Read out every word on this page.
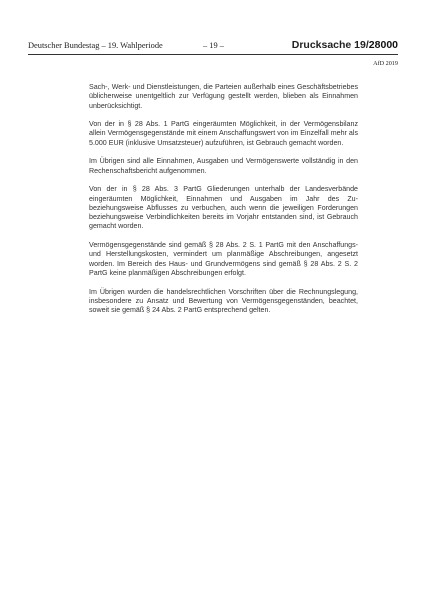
Deutscher Bundestag – 19. Wahlperiode	– 19 –	Drucksache 19/28000
AfD 2019

Sach-, Werk- und Dienstleistungen, die Parteien außerhalb eines Geschäftsbetriebes üblicherweise unentgeltlich zur Verfügung gestellt werden, blieben als Einnahmen unberücksichtigt.

Von der in § 28 Abs. 1 PartG eingeräumten Möglichkeit, in der Vermögensbilanz allein Vermögensgegenstände mit einem Anschaffungswert von im Einzelfall mehr als 5.000 EUR (inklusive Umsatzsteuer) aufzuführen, ist Gebrauch gemacht worden.

Im Übrigen sind alle Einnahmen, Ausgaben und Vermögenswerte vollständig in den Rechenschaftsbericht aufgenommen.

Von der in § 28 Abs. 3 PartG Gliederungen unterhalb der Landesverbände eingeräumten Möglichkeit, Einnahmen und Ausgaben im Jahr des Zu- beziehungsweise Abflusses zu verbuchen, auch wenn die jeweiligen Forderungen beziehungsweise Verbindlichkeiten bereits im Vorjahr entstanden sind, ist Gebrauch gemacht worden.

Vermögensgegenstände sind gemäß § 28 Abs. 2 S. 1 PartG mit den Anschaffungs- und Herstellungskosten, vermindert um planmäßige Abschreibungen, angesetzt worden. Im Bereich des Haus- und Grundvermögens sind gemäß § 28 Abs. 2 S. 2 PartG keine planmäßigen Abschreibungen erfolgt.

Im Übrigen wurden die handelsrechtlichen Vorschriften über die Rechnungslegung, insbesondere zu Ansatz und Bewertung von Vermögensgegenständen, beachtet, soweit sie gemäß § 24 Abs. 2 PartG entsprechend gelten.
